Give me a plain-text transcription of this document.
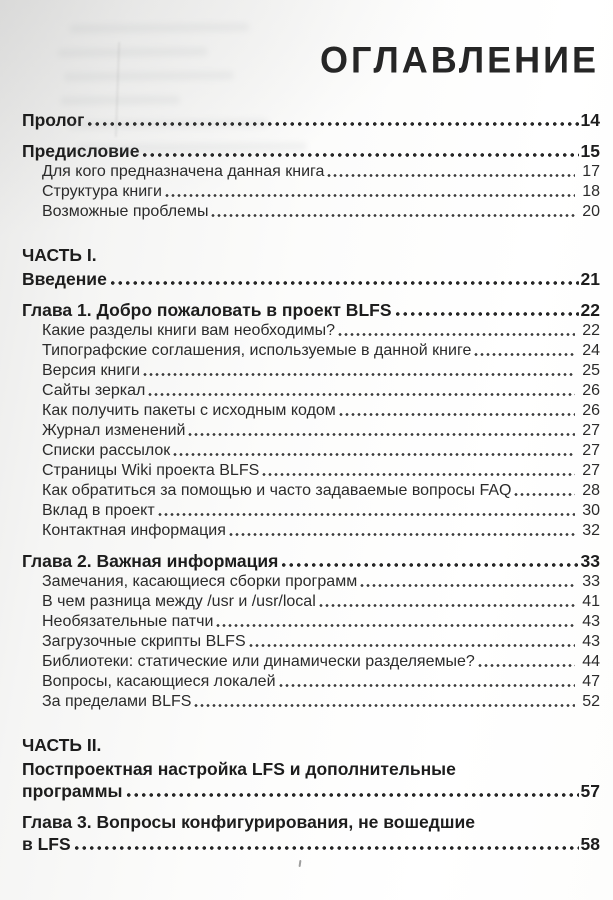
ОГЛАВЛЕНИЕ
Пролог	14
Предисловие	15
Для кого предназначена данная книга	17
Структура книги	18
Возможные проблемы	20
ЧАСТЬ I.
Введение	21
Глава 1. Добро пожаловать в проект BLFS	22
Какие разделы книги вам необходимы?	22
Типографские соглашения, используемые в данной книге	24
Версия книги	25
Сайты зеркал	26
Как получить пакеты с исходным кодом	26
Журнал изменений	27
Списки рассылок	27
Страницы Wiki проекта BLFS	27
Как обратиться за помощью и часто задаваемые вопросы FAQ	28
Вклад в проект	30
Контактная информация	32
Глава 2. Важная информация	33
Замечания, касающиеся сборки программ	33
В чем разница между /usr и /usr/local	41
Необязательные патчи	43
Загрузочные скрипты BLFS	43
Библиотеки: статические или динамически разделяемые?	44
Вопросы, касающиеся локалей	47
За пределами BLFS	52
ЧАСТЬ II.
Постпроектная настройка LFS и дополнительные
программы	57
Глава 3. Вопросы конфигурирования, не вошедшие
в LFS	58
